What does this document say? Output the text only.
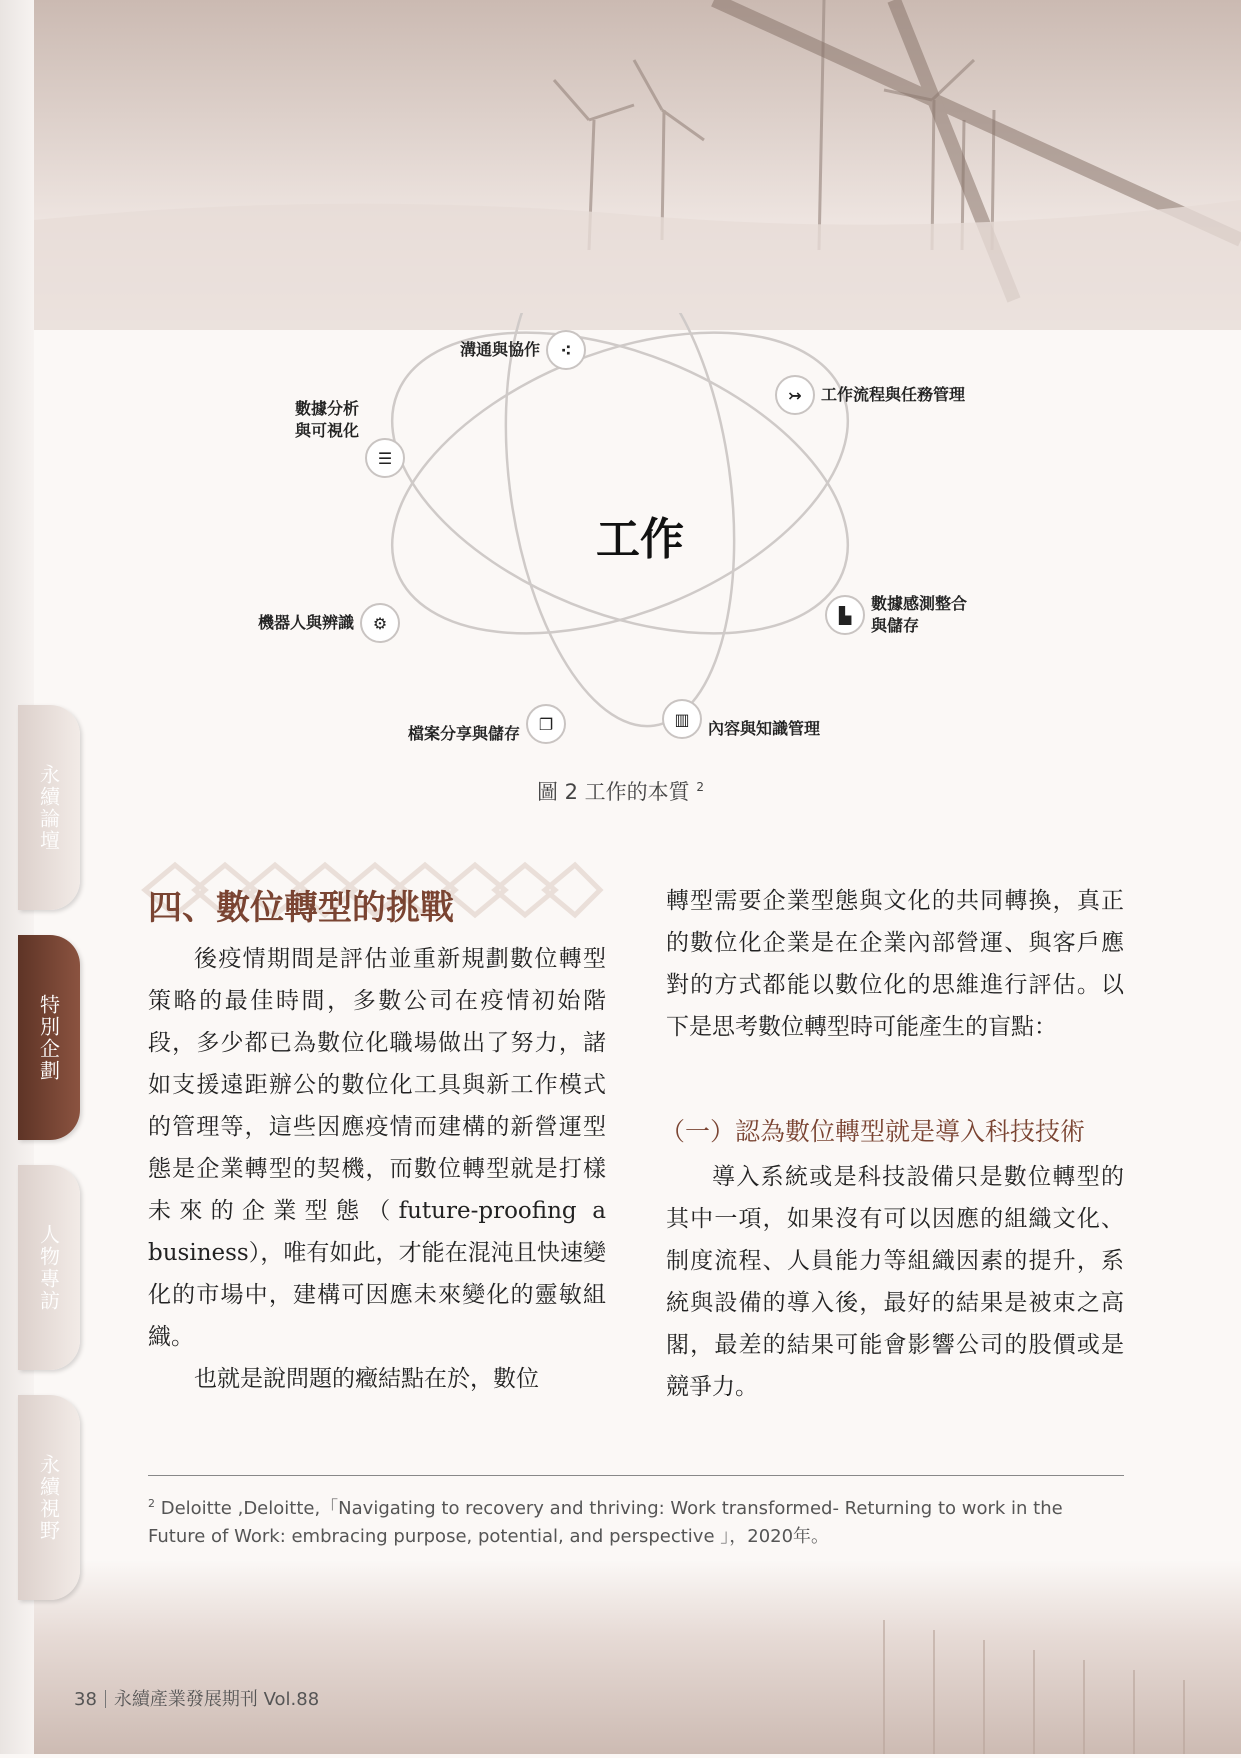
永續論壇
特別企劃
人物專訪
永續視野
工作
溝通與協作	⁖
↣	工作流程與任務管理
數據分析
與可視化
☰
▙
數據感測整合
與儲存
機器人與辨識	⚙
檔案分享與儲存	❐	▥	內容與知識管理
圖 2 工作的本質 $^2$
四、數位轉型的挑戰

後疫情期間是評估並重新規劃數位轉型策略的最佳時間，多數公司在疫情初始階段，多少都已為數位化職場做出了努力，諸如支援遠距辦公的數位化工具與新工作模式的管理等，這些因應疫情而建構的新營運型態是企業轉型的契機，而數位轉型就是打樣未來的企業型態（future-proofing a business），唯有如此，才能在混沌且快速變化的市場中，建構可因應未來變化的靈敏組織。

也就是說問題的癥結點在於，數位

轉型需要企業型態與文化的共同轉換，真正的數位化企業是在企業內部營運、與客戶應對的方式都能以數位化的思維進行評估。以下是思考數位轉型時可能產生的盲點：

（一）認為數位轉型就是導入科技技術

導入系統或是科技設備只是數位轉型的其中一項，如果沒有可以因應的組織文化、制度流程、人員能力等組織因素的提升，系統與設備的導入後，最好的結果是被束之高閣，最差的結果可能會影響公司的股價或是競爭力。

$^2$ Deloitte ,Deloitte,「Navigating to recovery and thriving: Work transformed- Returning to work in the Future of Work: embracing purpose, potential, and perspective 」，2020年。
38 永續產業發展期刊 Vol.88
